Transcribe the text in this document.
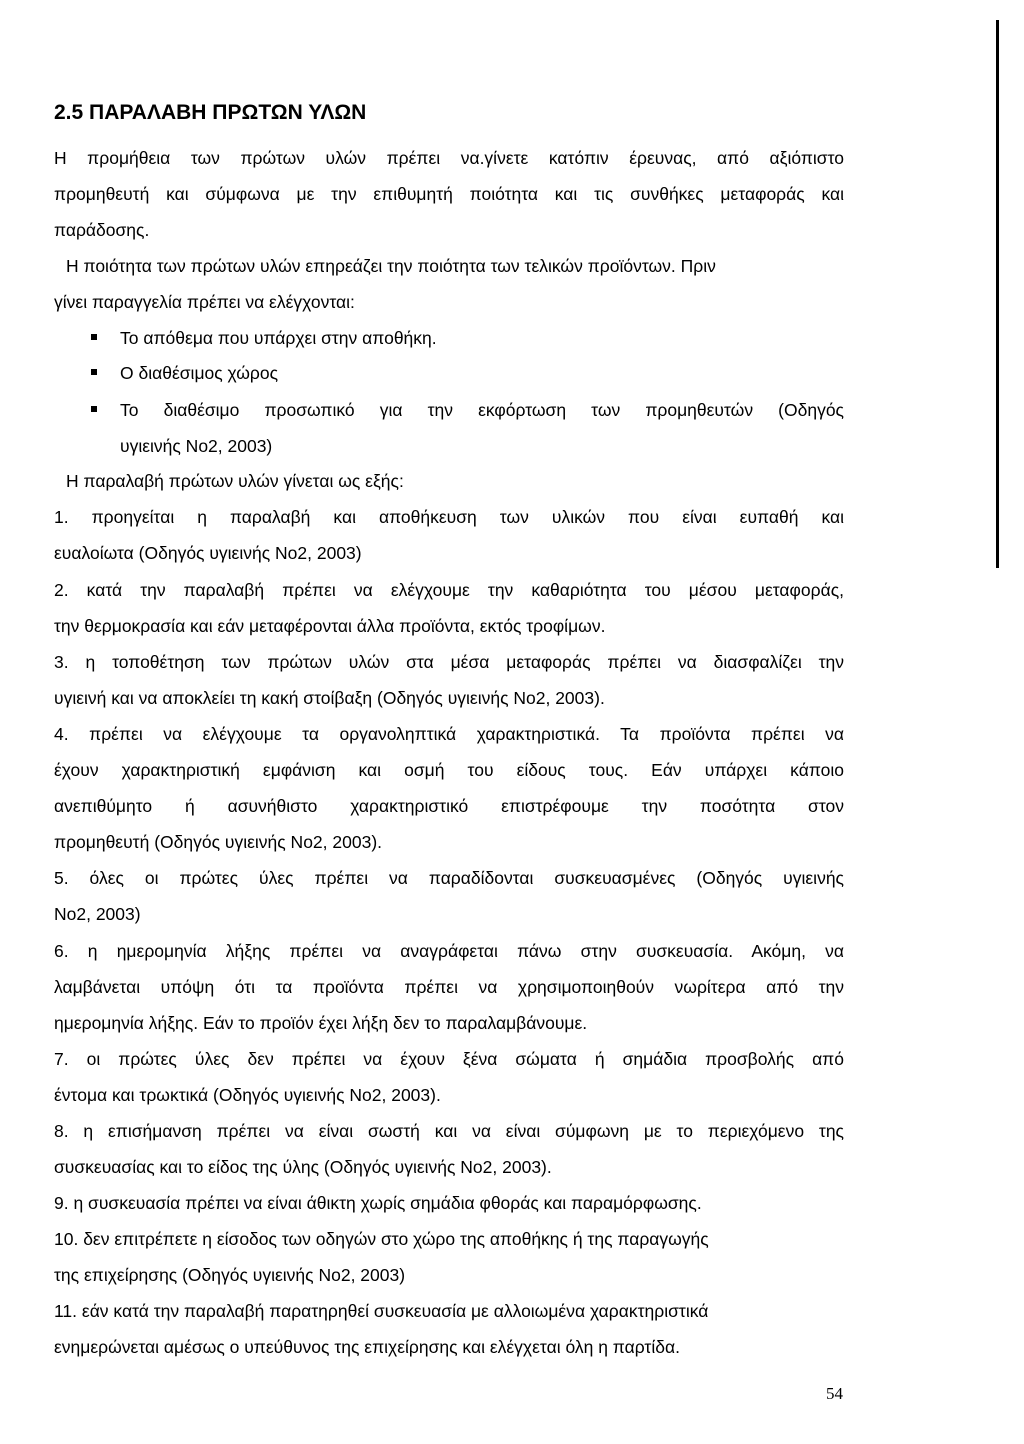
2.5 ΠΑΡΑΛΑΒΗ ΠΡΩΤΩΝ ΥΛΩΝ
Η προμήθεια των πρώτων υλών πρέπει να.γίνετε κατόπιν έρευνας, από αξιόπιστο
προμηθευτή και σύμφωνα με την επιθυμητή ποιότητα και τις συνθήκες μεταφοράς και
παράδοσης.
Η ποιότητα των πρώτων υλών επηρεάζει την ποιότητα των τελικών προϊόντων. Πριν
γίνει παραγγελία πρέπει να ελέγχονται:
Το απόθεμα που υπάρχει στην αποθήκη.
Ο διαθέσιμος χώρος
Το διαθέσιμο προσωπικό για την εκφόρτωση των προμηθευτών (Οδηγός
υγιεινής Νο2, 2003)
Η παραλαβή πρώτων υλών γίνεται ως εξής:
1. προηγείται η παραλαβή και αποθήκευση των υλικών που είναι ευπαθή και
ευαλοίωτα (Οδηγός υγιεινής Νο2, 2003)
2. κατά την παραλαβή πρέπει να ελέγχουμε την καθαριότητα του μέσου μεταφοράς,
την θερμοκρασία και εάν μεταφέρονται άλλα προϊόντα, εκτός τροφίμων.
3. η τοποθέτηση των πρώτων υλών στα μέσα μεταφοράς πρέπει να διασφαλίζει την
υγιεινή και να αποκλείει τη κακή στοίβαξη (Οδηγός υγιεινής Νο2, 2003).
4. πρέπει να ελέγχουμε τα οργανοληπτικά χαρακτηριστικά. Τα προϊόντα πρέπει να
έχουν χαρακτηριστική εμφάνιση και οσμή του είδους τους. Εάν υπάρχει κάποιο
ανεπιθύμητο ή ασυνήθιστο χαρακτηριστικό επιστρέφουμε την ποσότητα στον
προμηθευτή (Οδηγός υγιεινής Νο2, 2003).
5. όλες οι πρώτες ύλες πρέπει να παραδίδονται συσκευασμένες (Οδηγός υγιεινής
Νο2, 2003)
6. η ημερομηνία λήξης πρέπει να αναγράφεται πάνω στην συσκευασία. Ακόμη, να
λαμβάνεται υπόψη ότι τα προϊόντα πρέπει να χρησιμοποιηθούν νωρίτερα από την
ημερομηνία λήξης. Εάν το προϊόν έχει λήξη δεν το παραλαμβάνουμε.
7. οι πρώτες ύλες δεν πρέπει να έχουν ξένα σώματα ή σημάδια προσβολής από
έντομα και τρωκτικά (Οδηγός υγιεινής Νο2, 2003).
8. η επισήμανση πρέπει να είναι σωστή και να είναι σύμφωνη με το περιεχόμενο της
συσκευασίας και το είδος της ύλης (Οδηγός υγιεινής Νο2, 2003).
9. η συσκευασία πρέπει να είναι άθικτη χωρίς σημάδια φθοράς και παραμόρφωσης.
10. δεν επιτρέπετε η είσοδος των οδηγών στο χώρο της αποθήκης ή της παραγωγής
της επιχείρησης (Οδηγός υγιεινής Νο2, 2003)
11. εάν κατά την παραλαβή παρατηρηθεί συσκευασία με αλλοιωμένα χαρακτηριστικά
ενημερώνεται αμέσως ο υπεύθυνος της επιχείρησης και ελέγχεται όλη η παρτίδα.
54
